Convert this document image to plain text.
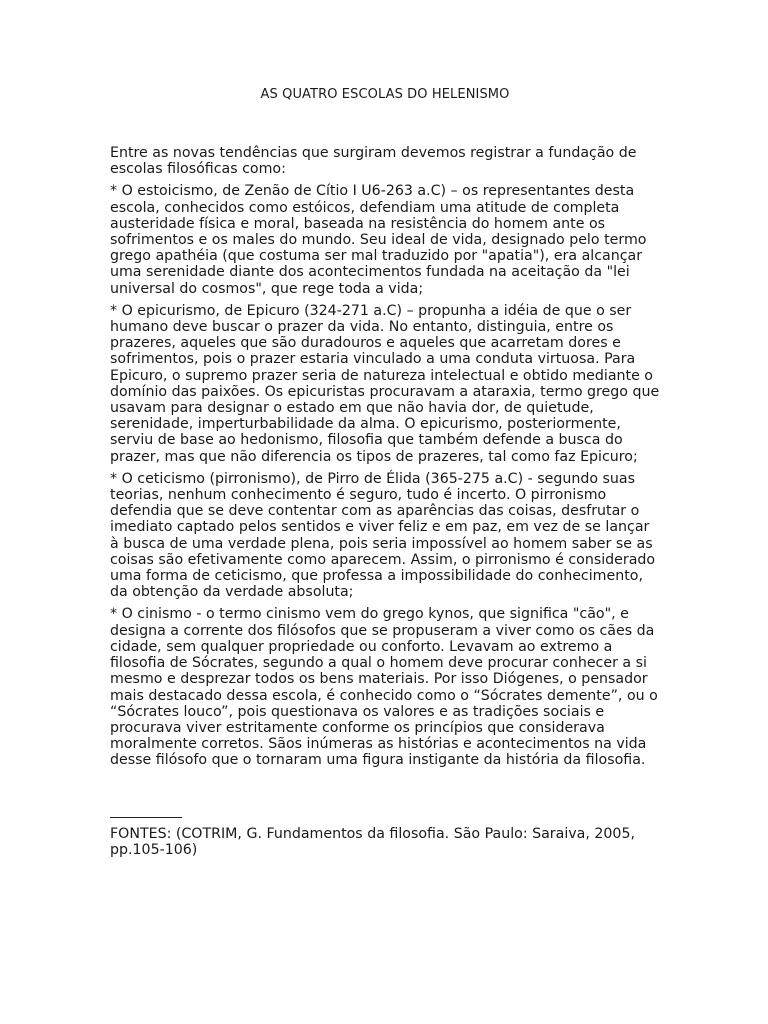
AS QUATRO ESCOLAS DO HELENISMO

Entre as novas tendências que surgiram devemos registrar a fundação de escolas filosóficas como:

* O estoicismo, de Zenão de Cítio I U6-263 a.C) – os representantes desta escola, conhecidos como estóicos, defendiam uma atitude de completa austeridade física e moral, baseada na resistência do homem ante os sofrimentos e os males do mundo. Seu ideal de vida, designado pelo termo grego apathéia (que costuma ser mal traduzido por "apatia"), era alcançar uma serenidade diante dos acontecimentos fundada na aceitação da "lei universal do cosmos", que rege toda a vida;

* O epicurismo, de Epicuro (324-271 a.C) – propunha a idéia de que o ser humano deve buscar o prazer da vida. No entanto, distinguia, entre os prazeres, aqueles que são duradouros e aqueles que acarretam dores e sofrimentos, pois o prazer estaria vinculado a uma conduta virtuosa. Para Epicuro, o supremo prazer seria de natureza intelectual e obtido mediante o domínio das paixões. Os epicuristas procuravam a ataraxia, termo grego que usavam para designar o estado em que não havia dor, de quietude, serenidade, imperturbabilidade da alma. O epicurismo, posteriormente, serviu de base ao hedonismo, filosofia que também defende a busca do prazer, mas que não diferencia os tipos de prazeres, tal como faz Epicuro;

* O ceticismo (pirronismo), de Pirro de Élida (365-275 a.C) - segundo suas teorias, nenhum conhecimento é seguro, tudo é incerto. O pirronismo defendia que se deve contentar com as aparências das coisas, desfrutar o imediato captado pelos sentidos e viver feliz e em paz, em vez de se lançar à busca de uma verdade plena, pois seria impossível ao homem saber se as coisas são efetivamente como aparecem. Assim, o pirronismo é considerado uma forma de ceticismo, que professa a impossibilidade do conhecimento, da obtenção da verdade absoluta;

* O cinismo - o termo cinismo vem do grego kynos, que significa "cão", e designa a corrente dos filósofos que se propuseram a viver como os cães da cidade, sem qualquer propriedade ou conforto. Levavam ao extremo a filosofia de Sócrates, segundo a qual o homem deve procurar conhecer a si mesmo e desprezar todos os bens materiais. Por isso Diógenes, o pensador mais destacado dessa escola, é conhecido como o “Sócrates demente”, ou o “Sócrates louco”, pois questionava os valores e as tradições sociais e procurava viver estritamente conforme os princípios que considerava moralmente corretos. Sãos inúmeras as histórias e acontecimentos na vida desse filósofo que o tornaram uma figura instigante da história da filosofia.

FONTES: (COTRIM, G. Fundamentos da filosofia. São Paulo: Saraiva, 2005, pp.105-106)
